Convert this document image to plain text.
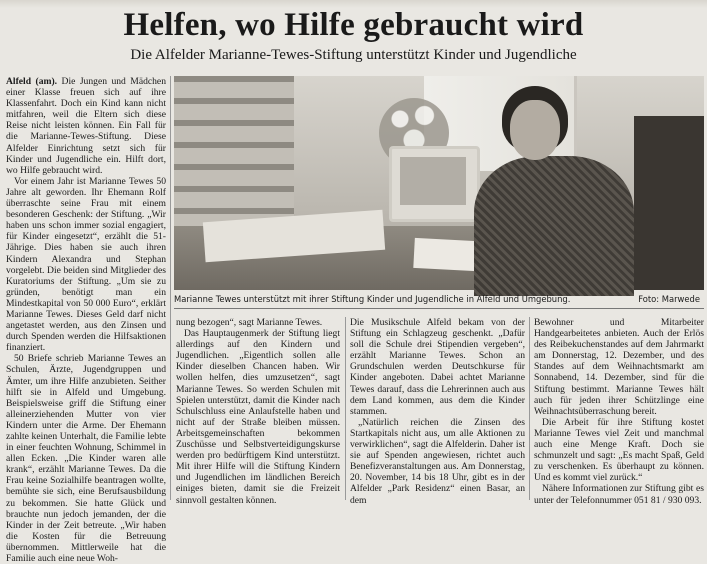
Helfen, wo Hilfe gebraucht wird
Die Alfelder Marianne-Tewes-Stiftung unterstützt Kinder und Jugendliche

Alfeld (am). Die Jungen und Mädchen einer Klasse freuen sich auf ihre Klassenfahrt. Doch ein Kind kann nicht mitfahren, weil die Eltern sich diese Reise nicht leisten können. Ein Fall für die Marianne-Tewes-Stiftung. Diese Alfelder Einrichtung setzt sich für Kinder und Jugendliche ein. Hilft dort, wo Hilfe gebraucht wird.

Vor einem Jahr ist Marianne Tewes 50 Jahre alt geworden. Ihr Ehemann Rolf überraschte seine Frau mit einem besonderen Geschenk: der Stiftung. „Wir haben uns schon immer sozial engagiert, für Kinder eingesetzt“, erzählt die 51-Jährige. Dies haben sie auch ihren Kindern Alexandra und Stephan vorgelebt. Die beiden sind Mitglieder des Kuratoriums der Stiftung. „Um sie zu gründen, benötigt man ein Mindestkapital von 50 000 Euro“, erklärt Marianne Tewes. Dieses Geld darf nicht angetastet werden, aus den Zinsen und durch Spenden werden die Hilfsaktionen finanziert.

50 Briefe schrieb Marianne Tewes an Schulen, Ärzte, Jugendgruppen und Ämter, um ihre Hilfe anzubieten. Seither hilft sie in Alfeld und Umgebung. Beispielsweise griff die Stiftung einer alleinerziehenden Mutter von vier Kindern unter die Arme. Der Ehemann zahlte keinen Unterhalt, die Familie lebte in einer feuchten Wohnung, Schimmel in allen Ecken. „Die Kinder waren alle krank“, erzählt Marianne Tewes. Da die Frau keine Sozialhilfe beantragen wollte, bemühte sie sich, eine Berufsausbildung zu bekommen. Sie hatte Glück und brauchte nun jedoch jemanden, der die Kinder in der Zeit betreute. „Wir haben die Kosten für die Betreuung übernommen. Mittlerweile hat die Familie auch eine neue Woh-

Marianne Tewes unterstützt mit ihrer Stiftung Kinder und Jugendliche in Alfeld und Umgebung.	Foto: Marwede

nung bezogen“, sagt Marianne Tewes.

Das Hauptaugenmerk der Stiftung liegt allerdings auf den Kindern und Jugendlichen. „Eigentlich sollen alle Kinder dieselben Chancen haben. Wir wollen helfen, dies umzusetzen“, sagt Marianne Tewes. So werden Schulen mit Spielen unterstützt, damit die Kinder nach Schulschluss eine Anlaufstelle haben und nicht auf der Straße bleiben müssen. Arbeitsgemeinschaften bekommen Zuschüsse und Selbstverteidigungskurse werden pro bedürftigem Kind unterstützt. Mit ihrer Hilfe will die Stiftung Kindern und Jugendlichen im ländlichen Bereich einiges bieten, damit sie die Freizeit sinnvoll gestalten können.

Die Musikschule Alfeld bekam von der Stiftung ein Schlagzeug geschenkt. „Dafür soll die Schule drei Stipendien vergeben“, erzählt Marianne Tewes. Schon an Grundschulen werden Deutschkurse für Kinder angeboten. Dabei achtet Marianne Tewes darauf, dass die Lehrerinnen auch aus dem Land kommen, aus dem die Kinder stammen.

„Natürlich reichen die Zinsen des Startkapitals nicht aus, um alle Aktionen zu verwirklichen“, sagt die Alfelderin. Daher ist sie auf Spenden angewiesen, richtet auch Benefizveranstaltungen aus. Am Donnerstag, 20. November, 14 bis 18 Uhr, gibt es in der Alfelder „Park Residenz“ einen Basar, an dem

Bewohner und Mitarbeiter Handgearbeitetes anbieten. Auch der Erlös des Reibekuchenstandes auf dem Jahrmarkt am Donnerstag, 12. Dezember, und des Standes auf dem Weihnachtsmarkt am Sonnabend, 14. Dezember, sind für die Stiftung bestimmt. Marianne Tewes hält auch für jeden ihrer Schützlinge eine Weihnachtsüberraschung bereit.

Die Arbeit für ihre Stiftung kostet Marianne Tewes viel Zeit und manchmal auch eine Menge Kraft. Doch sie schmunzelt und sagt: „Es macht Spaß, Geld zu verschenken. Es überhaupt zu können. Und es kommt viel zurück.“

Nähere Informationen zur Stiftung gibt es unter der Telefonnummer 051 81 / 930 093.
